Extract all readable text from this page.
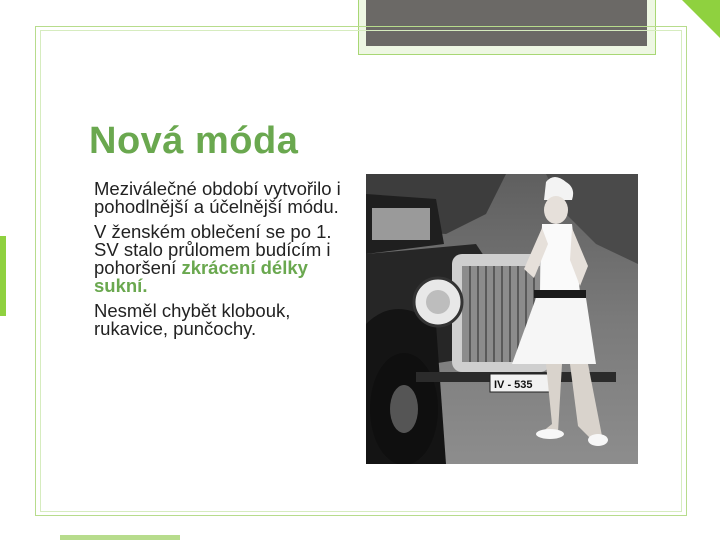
Nová móda
Meziválečné období vytvořilo i pohodlnější a účelnější módu.
V ženském oblečení se po 1. SV stalo průlomem budícím i pohoršení zkrácení délky sukní.
Nesměl chybět klobouk, rukavice, punčochy.
IV - 535
